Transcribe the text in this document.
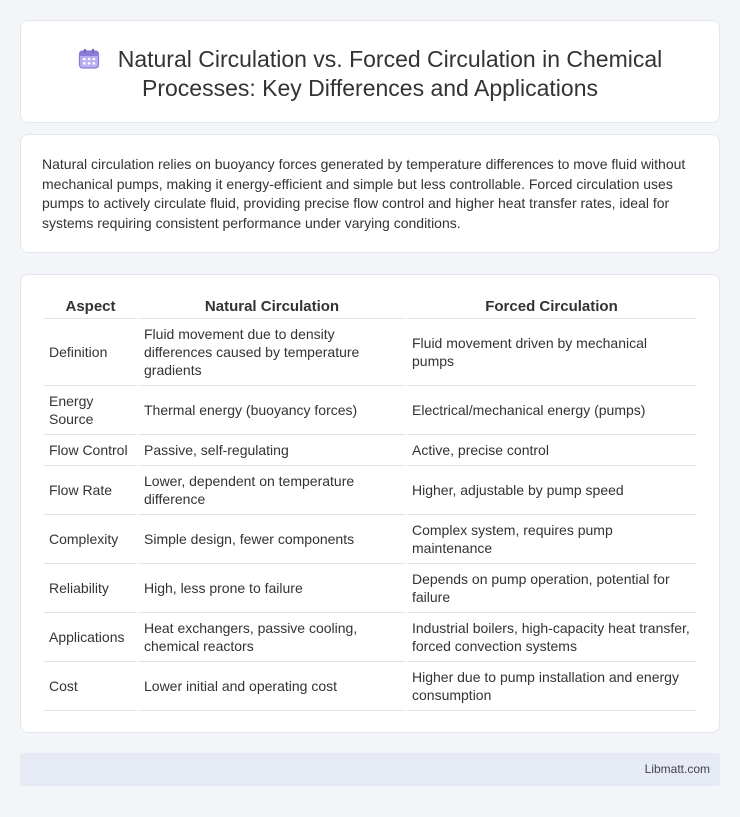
Natural Circulation vs. Forced Circulation in Chemical Processes: Key Differences and Applications

Natural circulation relies on buoyancy forces generated by temperature differences to move fluid without mechanical pumps, making it energy-efficient and simple but less controllable. Forced circulation uses pumps to actively circulate fluid, providing precise flow control and higher heat transfer rates, ideal for systems requiring consistent performance under varying conditions.

Aspect	Natural Circulation	Forced Circulation
Definition	Fluid movement due to density differences caused by temperature gradients	Fluid movement driven by mechanical pumps
Energy Source	Thermal energy (buoyancy forces)	Electrical/mechanical energy (pumps)
Flow Control	Passive, self-regulating	Active, precise control
Flow Rate	Lower, dependent on temperature difference	Higher, adjustable by pump speed
Complexity	Simple design, fewer components	Complex system, requires pump maintenance
Reliability	High, less prone to failure	Depends on pump operation, potential for failure
Applications	Heat exchangers, passive cooling, chemical reactors	Industrial boilers, high-capacity heat transfer, forced convection systems
Cost	Lower initial and operating cost	Higher due to pump installation and energy consumption
Libmatt.com
